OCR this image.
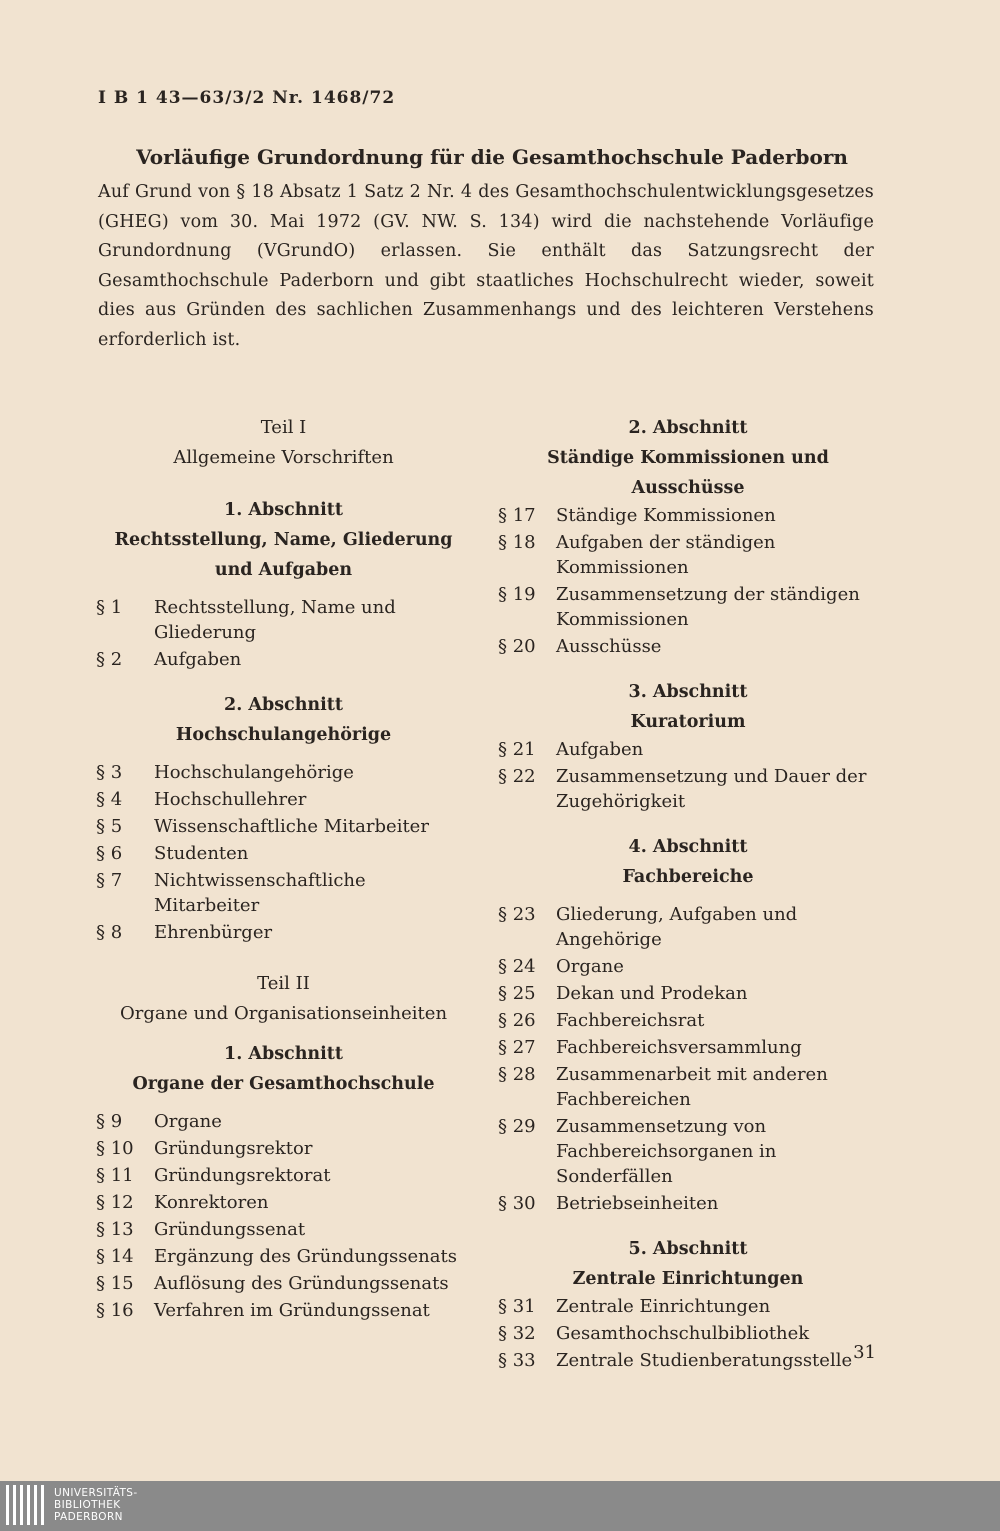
I B 1 43—63/3/2 Nr. 1468/72
Vorläufige Grundordnung für die Gesamthochschule Paderborn

Auf Grund von § 18 Absatz 1 Satz 2 Nr. 4 des Gesamthochschulentwicklungsgesetzes (GHEG) vom 30. Mai 1972 (GV. NW. S. 134) wird die nachstehende Vorläufige Grundordnung (VGrundO) erlassen. Sie enthält das Satzungsrecht der Gesamthochschule Paderborn und gibt staatliches Hochschulrecht wieder, soweit dies aus Gründen des sachlichen Zusammenhangs und des leichteren Verstehens erforderlich ist.

Teil I
Allgemeine Vorschriften
1. Abschnitt
Rechtsstellung, Name, Gliederung und Aufgaben
§ 1	Rechtsstellung, Name und Gliederung
§ 2	Aufgaben
2. Abschnitt
Hochschulangehörige
§ 3	Hochschulangehörige
§ 4	Hochschullehrer
§ 5	Wissenschaftliche Mitarbeiter
§ 6	Studenten
§ 7	Nichtwissenschaftliche Mitarbeiter
§ 8	Ehrenbürger
Teil II
Organe und Organisationseinheiten
1. Abschnitt
Organe der Gesamthochschule
§ 9	Organe
§ 10	Gründungsrektor
§ 11	Gründungsrektorat
§ 12	Konrektoren
§ 13	Gründungssenat
§ 14	Ergänzung des Gründungssenats
§ 15	Auflösung des Gründungssenats
§ 16	Verfahren im Gründungssenat
2. Abschnitt
Ständige Kommissionen und Ausschüsse
§ 17	Ständige Kommissionen
§ 18	Aufgaben der ständigen Kommissionen
§ 19	Zusammensetzung der ständigen Kommissionen
§ 20	Ausschüsse
3. Abschnitt
Kuratorium
§ 21	Aufgaben
§ 22	Zusammensetzung und Dauer der Zugehörigkeit
4. Abschnitt
Fachbereiche
§ 23	Gliederung, Aufgaben und Angehörige
§ 24	Organe
§ 25	Dekan und Prodekan
§ 26	Fachbereichsrat
§ 27	Fachbereichsversammlung
§ 28	Zusammenarbeit mit anderen Fachbereichen
§ 29	Zusammensetzung von Fachbereichsorganen in Sonderfällen
§ 30	Betriebseinheiten
5. Abschnitt
Zentrale Einrichtungen
§ 31	Zentrale Einrichtungen
§ 32	Gesamthochschulbibliothek
§ 33	Zentrale Studienberatungsstelle 31
UNIVERSITÄTS-
BIBLIOTHEK
PADERBORN
